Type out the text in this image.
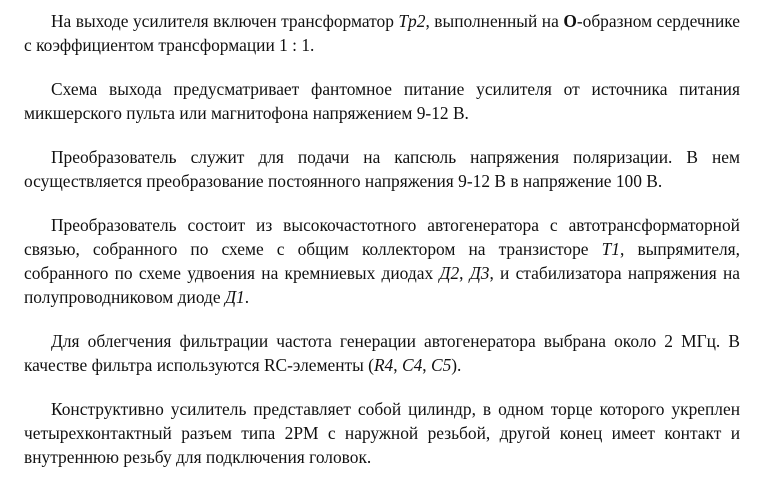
На выходе усилителя включен трансформатор Tp2, выполненный на О-образном сердечнике с коэффициентом трансформации 1 : 1.

Схема выхода предусматривает фантомное питание усилителя от источника питания микшерского пульта или магнитофона напряжением 9-12 В.

Преобразователь служит для подачи на капсюль напряжения поляризации. В нем осуществляется преобразование постоянного напряжения 9-12 В в напряжение 100 В.

Преобразователь состоит из высокочастотного автогенератора с автотрансформаторной связью, собранного по схеме с общим коллектором на транзисторе Т1, выпрямителя, собранного по схеме удвоения на кремниевых диодах Д2, Д3, и стабилизатора напряжения на полупроводниковом диоде Д1.

Для облегчения фильтрации частота генерации автогенератора выбрана около 2 МГц. В качестве фильтра используются RC-элементы (R4, С4, С5).

Конструктивно усилитель представляет собой цилиндр, в одном торце которого укреплен четырехконтактный разъем типа 2РМ с наружной резьбой, другой конец имеет контакт и внутреннюю резьбу для подключения головок.
